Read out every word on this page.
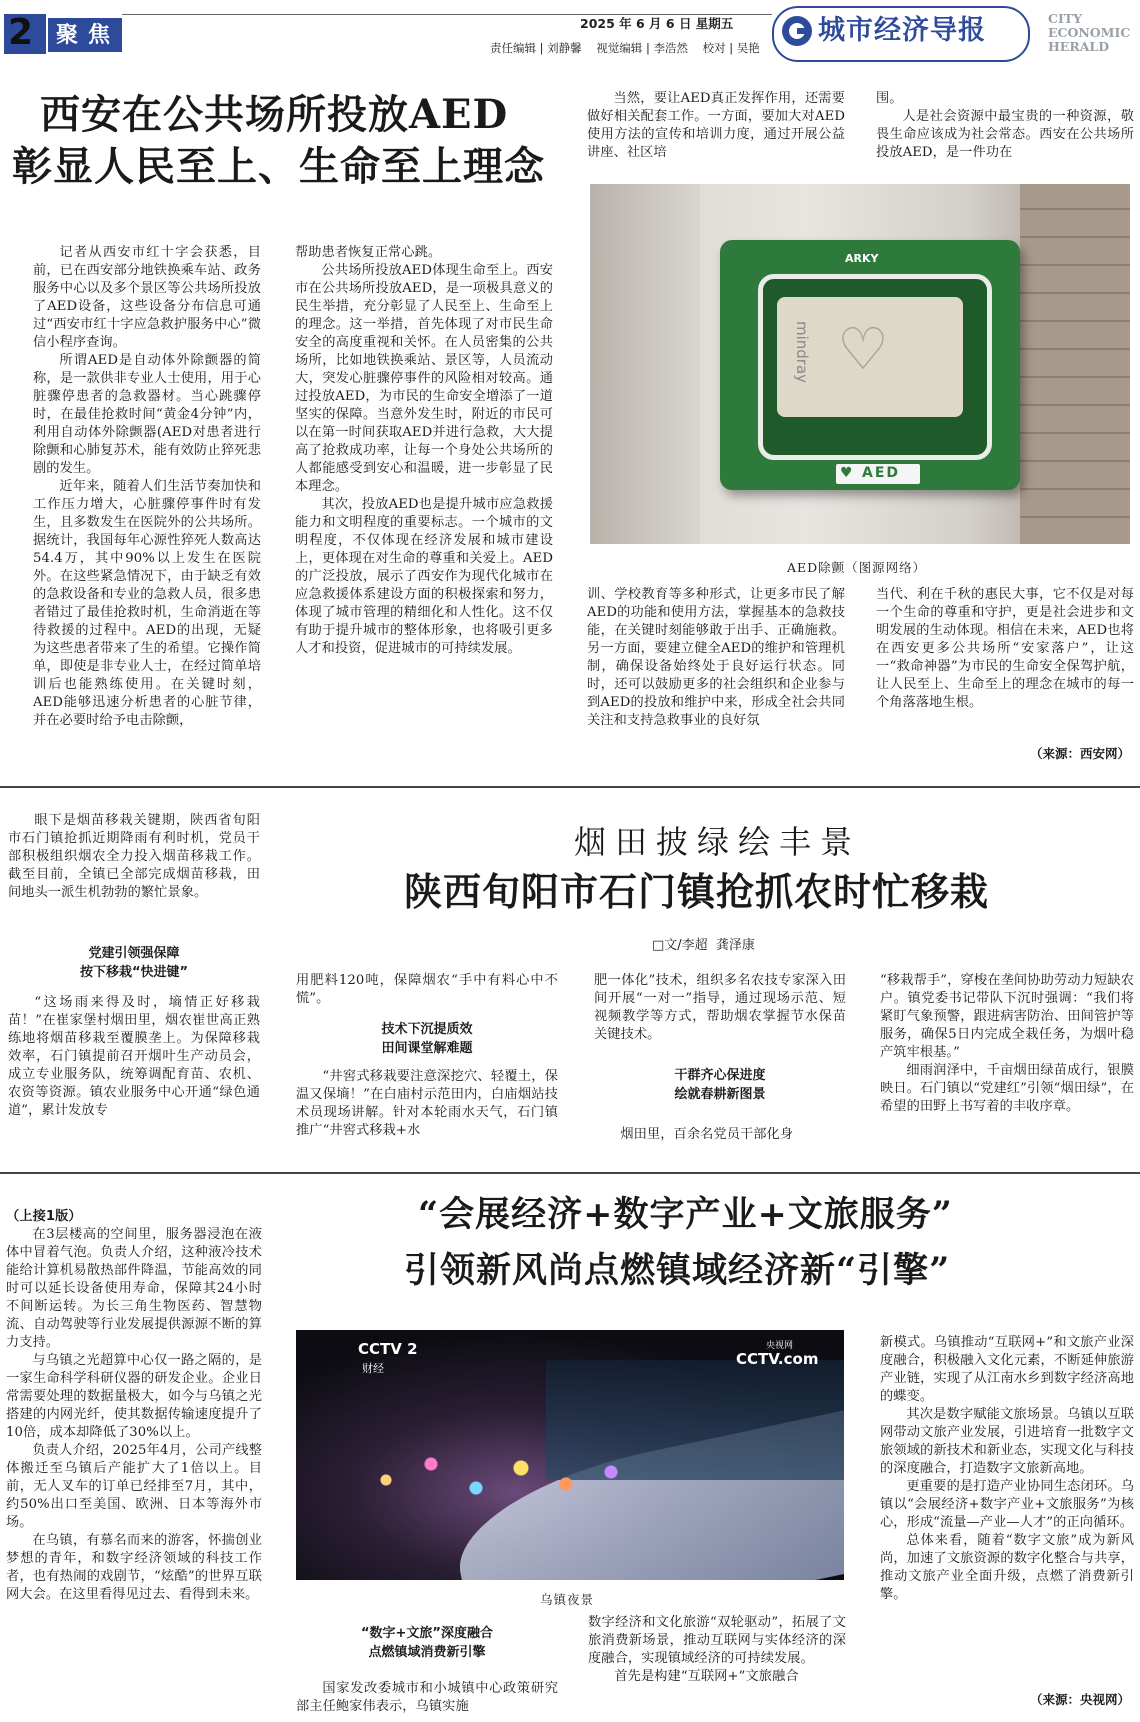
2 聚焦	2025 年 6 月 6 日 星期五
责任编辑 | 刘静馨    视觉编辑 | 李浩然    校对 | 吴艳
城市经济导报	CITY
ECONOMIC
HERALD
西安在公共场所投放AED
彰显人民至上、生命至上理念

记者从西安市红十字会获悉，目前，已在西安部分地铁换乘车站、政务服务中心以及多个景区等公共场所投放了AED设备，这些设备分布信息可通过“西安市红十字应急救护服务中心”微信小程序查询。

所谓AED是自动体外除颤器的简称，是一款供非专业人士使用，用于心脏骤停患者的急救器材。当心跳骤停时，在最佳抢救时间“黄金4分钟”内，利用自动体外除颤器(AED对患者进行除颤和心肺复苏术，能有效防止猝死悲剧的发生。

近年来，随着人们生活节奏加快和工作压力增大，心脏骤停事件时有发生，且多数发生在医院外的公共场所。据统计，我国每年心源性猝死人数高达54.4万，其中90%以上发生在医院外。在这些紧急情况下，由于缺乏有效的急救设备和专业的急救人员，很多患者错过了最佳抢救时机，生命消逝在等待救援的过程中。AED的出现，无疑为这些患者带来了生的希望。它操作简单，即使是非专业人士，在经过简单培训后也能熟练使用。在关键时刻，AED能够迅速分析患者的心脏节律，并在必要时给予电击除颤，

帮助患者恢复正常心跳。

公共场所投放AED体现生命至上。西安市在公共场所投放AED，是一项极具意义的民生举措，充分彰显了人民至上、生命至上的理念。这一举措，首先体现了对市民生命安全的高度重视和关怀。在人员密集的公共场所，比如地铁换乘站、景区等，人员流动大，突发心脏骤停事件的风险相对较高。通过投放AED，为市民的生命安全增添了一道坚实的保障。当意外发生时，附近的市民可以在第一时间获取AED并进行急救，大大提高了抢救成功率，让每一个身处公共场所的人都能感受到安心和温暖，进一步彰显了民本理念。

其次，投放AED也是提升城市应急救援能力和文明程度的重要标志。一个城市的文明程度，不仅体现在经济发展和城市建设上，更体现在对生命的尊重和关爱上。AED的广泛投放，展示了西安作为现代化城市在应急救援体系建设方面的积极探索和努力，体现了城市管理的精细化和人性化。这不仅有助于提升城市的整体形象，也将吸引更多人才和投资，促进城市的可持续发展。

当然，要让AED真正发挥作用，还需要做好相关配套工作。一方面，要加大对AED使用方法的宣传和培训力度，通过开展公益讲座、社区培

围。

人是社会资源中最宝贵的一种资源，敬畏生命应该成为社会常态。西安在公共场所投放AED，是一件功在

ARKY
mindray ♡
♥ AED
AED除颤（图源网络）
训、学校教育等多种形式，让更多市民了解AED的功能和使用方法，掌握基本的急救技能，在关键时刻能够敢于出手、正确施救。另一方面，要建立健全AED的维护和管理机制，确保设备始终处于良好运行状态。同时，还可以鼓励更多的社会组织和企业参与到AED的投放和维护中来，形成全社会共同关注和支持急救事业的良好氛
当代、利在千秋的惠民大事，它不仅是对每一个生命的尊重和守护，更是社会进步和文明发展的生动体现。相信在未来，AED也将在西安更多公共场所“安家落户”，让这一“救命神器”为市民的生命安全保驾护航，让人民至上、生命至上的理念在城市的每一个角落落地生根。
（来源：西安网）

眼下是烟苗移栽关键期，陕西省旬阳市石门镇抢抓近期降雨有利时机，党员干部积极组织烟农全力投入烟苗移栽工作。截至目前，全镇已全部完成烟苗移栽，田间地头一派生机勃勃的繁忙景象。

党建引领强保障
按下移栽“快进键”

“这场雨来得及时，墒情正好移栽苗！”在崔家堡村烟田里，烟农崔世高正熟练地将烟苗移栽至覆膜垄上。为保障移栽效率，石门镇提前召开烟叶生产动员会，成立专业服务队，统筹调配育苗、农机、农资等资源。镇农业服务中心开通“绿色通道”，累计发放专

烟田披绿绘丰景
陕西旬阳市石门镇抢抓农时忙移栽
□文/李超  龚泽康
用肥料120吨，保障烟农“手中有料心中不慌”。
技术下沉提质效
田间课堂解难题

“井窖式移栽要注意深挖穴、轻覆土，保温又保墒！”在白庙村示范田内，白庙烟站技术员现场讲解。针对本轮雨水天气，石门镇推广“井窖式移栽+水

肥一体化”技术，组织多名农技专家深入田间开展“一对一”指导，通过现场示范、短视频教学等方式，帮助烟农掌握节水保苗关键技术。
干群齐心保进度
绘就春耕新图景

烟田里，百余名党员干部化身

“移栽帮手”，穿梭在垄间协助劳动力短缺农户。镇党委书记带队下沉时强调：“我们将紧盯气象预警，跟进病害防治、田间管护等服务，确保5日内完成全栽任务，为烟叶稳产筑牢根基。”

细雨润泽中，千亩烟田绿苗成行，银膜映日。石门镇以“党建红”引领“烟田绿”，在希望的田野上书写着的丰收序章。

“会展经济+数字产业+文旅服务”
引领新风尚点燃镇域经济新“引擎”
（上接1版）

在3层楼高的空间里，服务器浸泡在液体中冒着气泡。负责人介绍，这种液冷技术能给计算机易散热部件降温，节能高效的同时可以延长设备使用寿命，保障其24小时不间断运转。为长三角生物医药、智慧物流、自动驾驶等行业发展提供源源不断的算力支持。

与乌镇之光超算中心仅一路之隔的，是一家生命科学科研仪器的研发企业。企业日常需要处理的数据量极大，如今与乌镇之光搭建的内网光纤，使其数据传输速度提升了10倍，成本却降低了30%以上。

负责人介绍，2025年4月，公司产线整体搬迁至乌镇后产能扩大了1倍以上。目前，无人叉车的订单已经排至7月，其中，约50%出口至美国、欧洲、日本等海外市场。

在乌镇，有慕名而来的游客，怀揣创业梦想的青年，和数字经济领域的科技工作者，也有热闹的戏剧节，“炫酷”的世界互联网大会。在这里看得见过去、看得到未来。

CCTV 2
财经
央视网
CCTV.com
乌镇夜景
“数字+文旅”深度融合
点燃镇域消费新引擎

国家发改委城市和小城镇中心政策研究部主任鲍家伟表示，乌镇实施

数字经济和文化旅游“双轮驱动”，拓展了文旅消费新场景，推动互联网与实体经济的深度融合，实现镇域经济的可持续发展。

首先是构建“互联网+”文旅融合

新模式。乌镇推动“互联网+”和文旅产业深度融合，积极融入文化元素，不断延伸旅游产业链，实现了从江南水乡到数字经济高地的蝶变。

其次是数字赋能文旅场景。乌镇以互联网带动文旅产业发展，引进培育一批数字文旅领域的新技术和新业态，实现文化与科技的深度融合，打造数字文旅新高地。

更重要的是打造产业协同生态闭环。乌镇以“会展经济+数字产业+文旅服务”为核心，形成“流量—产业—人才”的正向循环。

总体来看，随着“数字文旅”成为新风尚，加速了文旅资源的数字化整合与共享，推动文旅产业全面升级，点燃了消费新引擎。

（来源：央视网）
